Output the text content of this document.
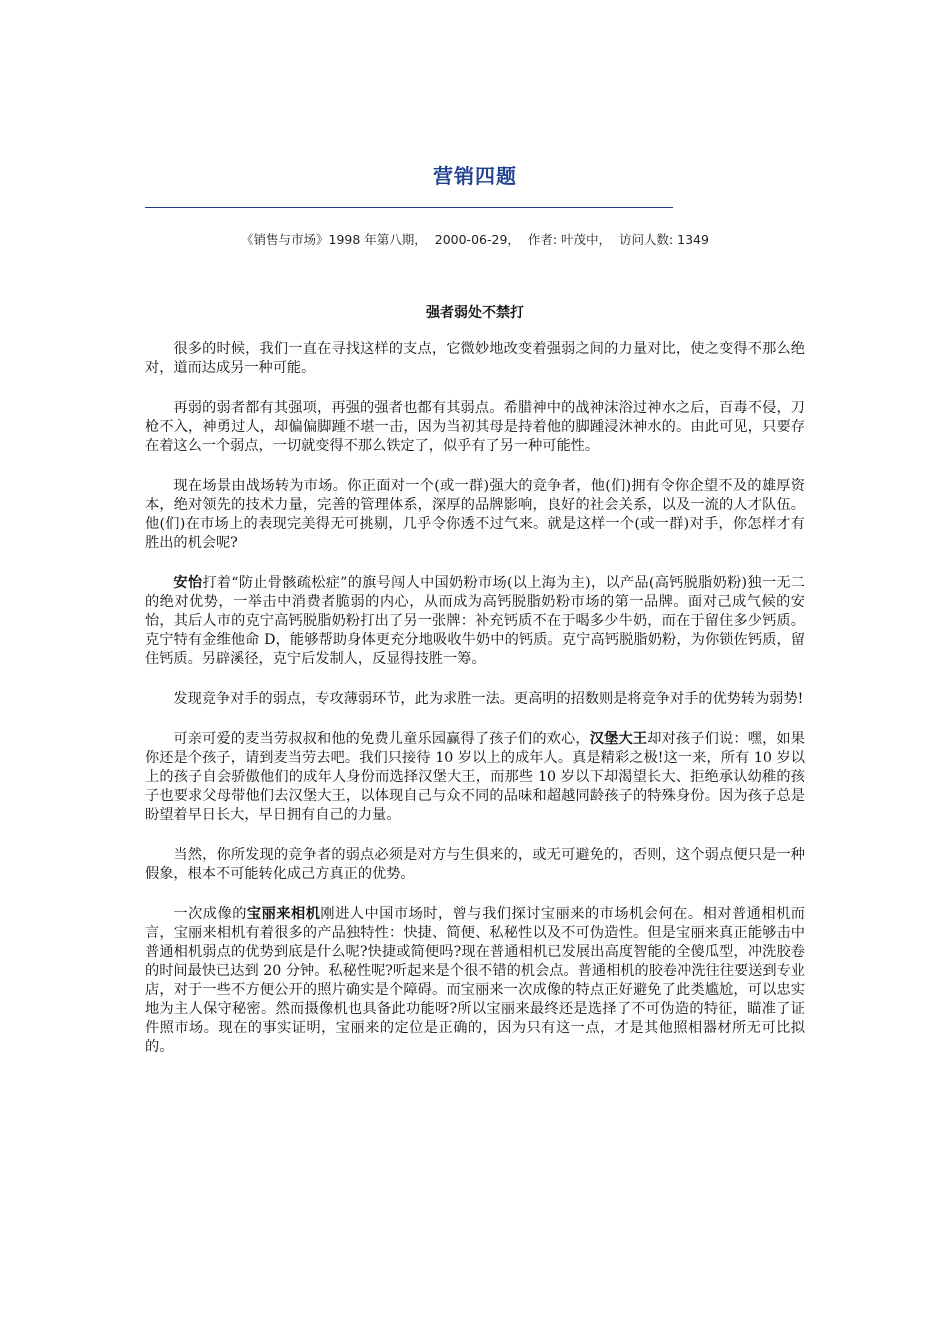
营销四题
《销售与市场》1998 年第八期，  2000-06-29，  作者: 叶茂中，  访问人数: 1349
强者弱处不禁打

很多的时候，我们一直在寻找这样的支点，它微妙地改变着强弱之间的力量对比，使之变得不那么绝对，道而达成另一种可能。

再弱的弱者都有其强项，再强的强者也都有其弱点。希腊神中的战神沫浴过神水之后，百毒不侵，刀枪不入，神勇过人，却偏偏脚踵不堪一击，因为当初其母是持着他的脚踵浸沐神水的。由此可见，只要存在着这么一个弱点，一切就变得不那么铁定了，似乎有了另一种可能性。

现在场景由战场转为市场。你正面对一个(或一群)强大的竞争者，他(们)拥有令你企望不及的雄厚资本，绝对领先的技术力量，完善的管理体系，深厚的品牌影响，良好的社会关系，以及一流的人才队伍。他(们)在市场上的表现完美得无可挑剔，几乎令你透不过气来。就是这样一个(或一群)对手，你怎样才有胜出的机会呢?

安怡打着“防止骨骸疏松症”的旗号闯人中国奶粉市场(以上海为主)，以产品(高钙脱脂奶粉)独一无二的绝对优势，一举击中消费者脆弱的内心，从而成为高钙脱脂奶粉市场的第一品牌。面对己成气候的安怡，其后人市的克宁高钙脱脂奶粉打出了另一张牌：补充钙质不在于喝多少牛奶，而在于留住多少钙质。克宁特有金维他命 D，能够帮助身体更充分地吸收牛奶中的钙质。克宁高钙脱脂奶粉，为你锁佐钙质，留住钙质。另辟溪径，克宁后发制人，反显得技胜一筹。

发现竞争对手的弱点，专攻薄弱环节，此为求胜一法。更高明的招数则是将竞争对手的优势转为弱势!

可亲可爱的麦当劳叔叔和他的免费儿童乐园赢得了孩子们的欢心，汉堡大王却对孩子们说：嘿，如果你还是个孩子，请到麦当劳去吧。我们只接待 10 岁以上的成年人。真是精彩之极!这一来，所有 10 岁以上的孩子自会骄傲他们的成年人身份而选择汉堡大王，而那些 10 岁以下却渴望长大、拒绝承认幼稚的孩子也要求父母带他们去汉堡大王，以体现自己与众不同的品味和超越同龄孩子的特殊身份。因为孩子总是盼望着早日长大，早日拥有自己的力量。

当然，你所发现的竞争者的弱点必须是对方与生俱来的，或无可避免的，否则，这个弱点便只是一种假象，根本不可能转化成己方真正的优势。

一次成像的宝丽来相机刚进人中国市场时，曾与我们探讨宝丽来的市场机会何在。相对普通相机而言，宝丽来相机有着很多的产品独特性：快捷、简便、私秘性以及不可伪造性。但是宝丽来真正能够击中普通相机弱点的优势到底是什么呢?快捷或简便吗?现在普通相机已发展出高度智能的全傻瓜型，冲洗胶卷的时间最快已达到 20 分钟。私秘性呢?听起来是个很不错的机会点。普通相机的胶卷冲洗往往要送到专业店，对于一些不方便公开的照片确实是个障碍。而宝丽来一次成像的特点正好避免了此类尴尬，可以忠实地为主人保守秘密。然而摄像机也具备此功能呀?所以宝丽来最终还是选择了不可伪造的特征，瞄准了证件照市场。现在的事实证明，宝丽来的定位是正确的，因为只有这一点，才是其他照相器材所无可比拟的。
